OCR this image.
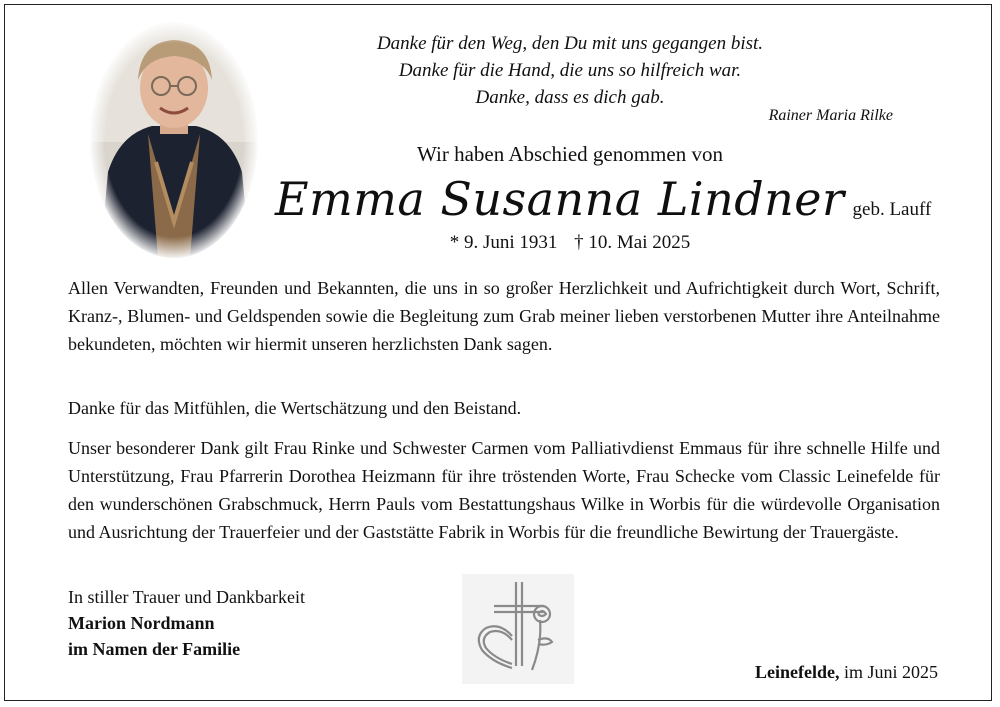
Danke für den Weg, den Du mit uns gegangen bist.
Danke für die Hand, die uns so hilfreich war.
Danke, dass es dich gab.
Rainer Maria Rilke
Wir haben Abschied genommen von
Emma Susanna Lindner geb. Lauff
* 9. Juni 1931 † 10. Mai 2025
Allen Verwandten, Freunden und Bekannten, die uns in so großer Herzlichkeit und Aufrichtigkeit durch Wort, Schrift, Kranz-, Blumen- und Geldspenden sowie die Begleitung zum Grab meiner lieben verstorbenen Mutter ihre Anteilnahme bekundeten, möchten wir hiermit unseren herzlichsten Dank sagen.
Danke für das Mitfühlen, die Wertschätzung und den Beistand.
Unser besonderer Dank gilt Frau Rinke und Schwester Carmen vom Palliativdienst Emmaus für ihre schnelle Hilfe und Unterstützung, Frau Pfarrerin Dorothea Heizmann für ihre tröstenden Worte, Frau Schecke vom Classic Leinefelde für den wunderschönen Grabschmuck, Herrn Pauls vom Bestattungshaus Wilke in Worbis für die würdevolle Organisation und Ausrichtung der Trauerfeier und der Gaststätte Fabrik in Worbis für die freundliche Bewirtung der Trauergäste.
In stiller Trauer und Dankbarkeit
Marion Nordmann
im Namen der Familie
Leinefelde, im Juni 2025
